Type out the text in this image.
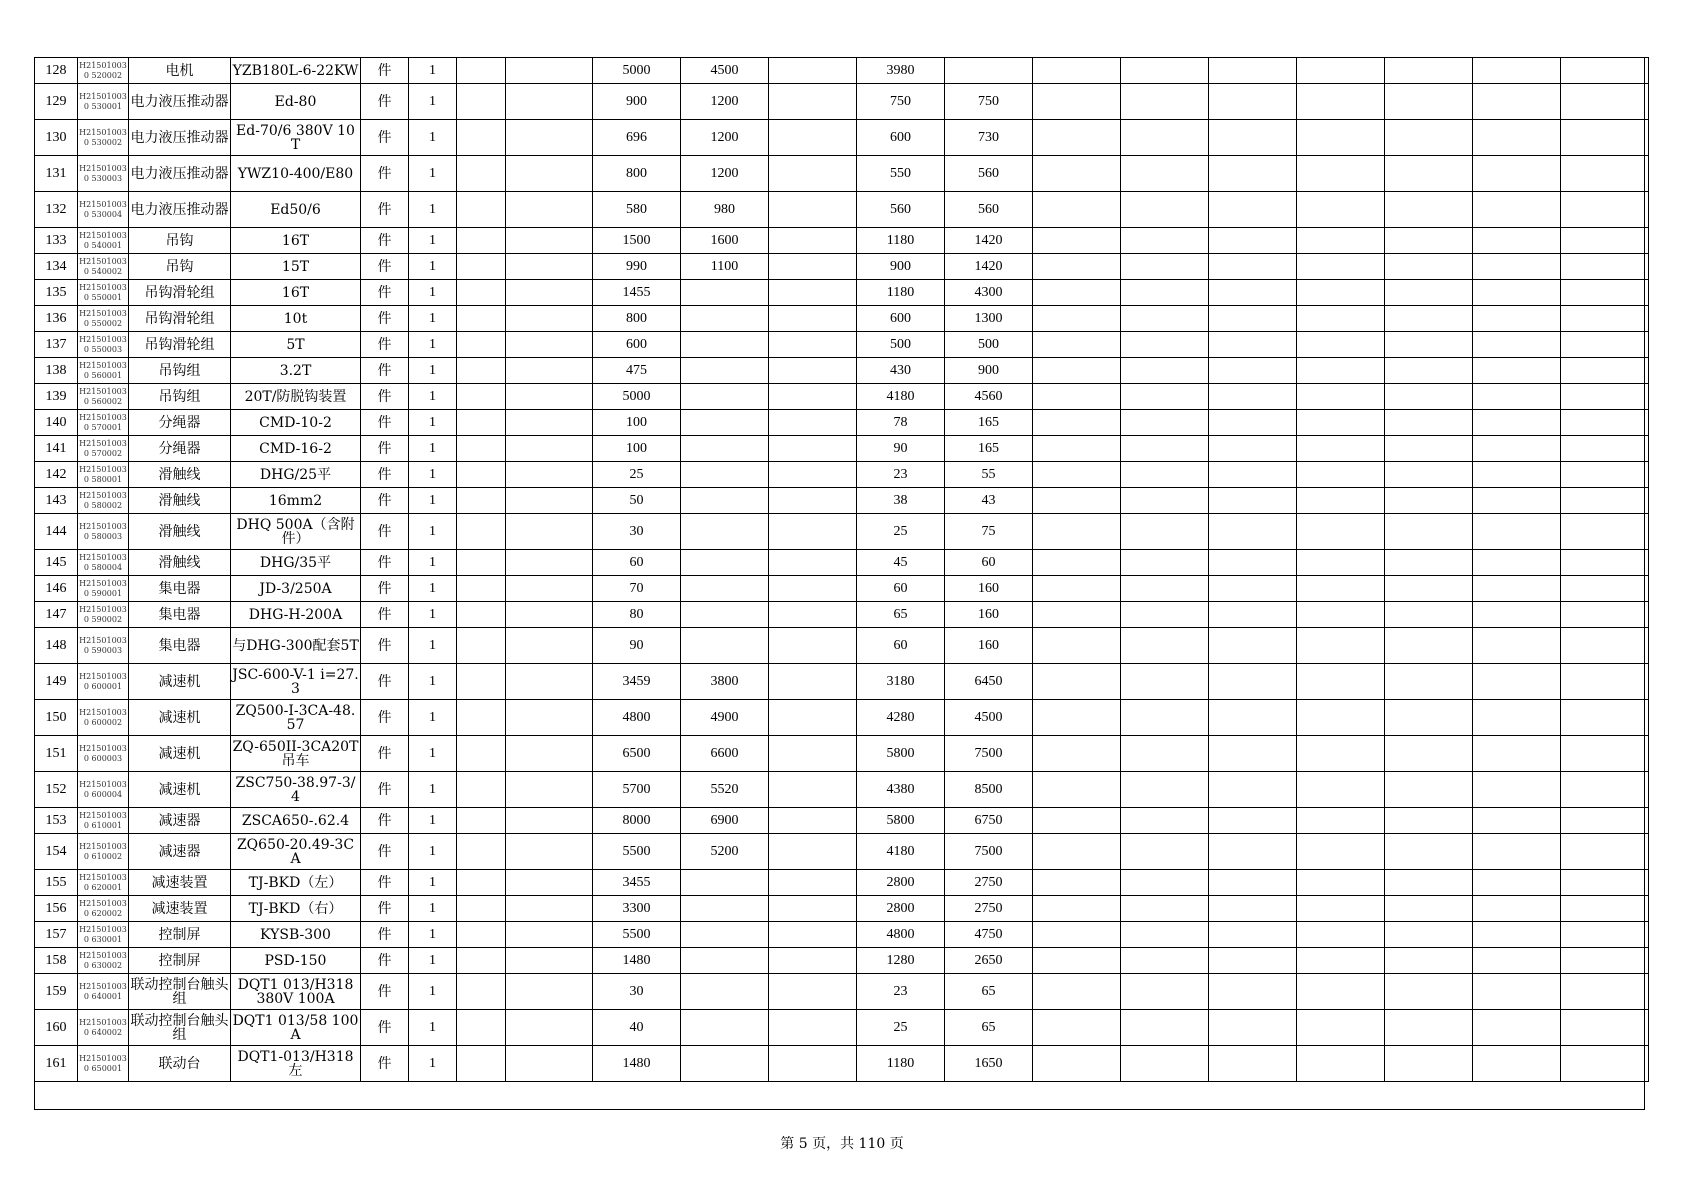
128	H215010030 520002	电机	YZB180L-6-22KW	件	1			5000	4500		3980								
129	H215010030 530001	电力液压推动器	Ed-80	件	1			900	1200		750	750							
130	H215010030 530002	电力液压推动器	Ed-70/6 380V 10T	件	1			696	1200		600	730							
131	H215010030 530003	电力液压推动器	YWZ10-400/E80	件	1			800	1200		550	560							
132	H215010030 530004	电力液压推动器	Ed50/6	件	1			580	980		560	560							
133	H215010030 540001	吊钩	16T	件	1			1500	1600		1180	1420							
134	H215010030 540002	吊钩	15T	件	1			990	1100		900	1420							
135	H215010030 550001	吊钩滑轮组	16T	件	1			1455			1180	4300							
136	H215010030 550002	吊钩滑轮组	10t	件	1			800			600	1300							
137	H215010030 550003	吊钩滑轮组	5T	件	1			600			500	500							
138	H215010030 560001	吊钩组	3.2T	件	1			475			430	900							
139	H215010030 560002	吊钩组	20T/防脱钩装置	件	1			5000			4180	4560							
140	H215010030 570001	分绳器	CMD-10-2	件	1			100			78	165							
141	H215010030 570002	分绳器	CMD-16-2	件	1			100			90	165							
142	H215010030 580001	滑触线	DHG/25平	件	1			25			23	55							
143	H215010030 580002	滑触线	16mm2	件	1			50			38	43							
144	H215010030 580003	滑触线	DHQ 500A（含附件）	件	1			30			25	75							
145	H215010030 580004	滑触线	DHG/35平	件	1			60			45	60							
146	H215010030 590001	集电器	JD-3/250A	件	1			70			60	160							
147	H215010030 590002	集电器	DHG-H-200A	件	1			80			65	160							
148	H215010030 590003	集电器	与DHG-300配套5T	件	1			90			60	160							
149	H215010030 600001	减速机	JSC-600-V-1 i=27.3	件	1			3459	3800		3180	6450							
150	H215010030 600002	减速机	ZQ500-I-3CA-48.57	件	1			4800	4900		4280	4500							
151	H215010030 600003	减速机	ZQ-650II-3CA20T吊车	件	1			6500	6600		5800	7500							
152	H215010030 600004	减速机	ZSC750-38.97-3/4	件	1			5700	5520		4380	8500							
153	H215010030 610001	减速器	ZSCA650-.62.4	件	1			8000	6900		5800	6750							
154	H215010030 610002	减速器	ZQ650-20.49-3CA	件	1			5500	5200		4180	7500							
155	H215010030 620001	减速装置	TJ-BKD（左）	件	1			3455			2800	2750							
156	H215010030 620002	减速装置	TJ-BKD（右）	件	1			3300			2800	2750							
157	H215010030 630001	控制屏	KYSB-300	件	1			5500			4800	4750							
158	H215010030 630002	控制屏	PSD-150	件	1			1480			1280	2650							
159	H215010030 640001	联动控制台触头组	DQT1 013/H318 380V 100A	件	1			30			23	65							
160	H215010030 640002	联动控制台触头组	DQT1 013/58 100A	件	1			40			25	65							
161	H215010030 650001	联动台	DQT1-013/H318左	件	1			1480			1180	1650							
第 5 页，共 110 页
